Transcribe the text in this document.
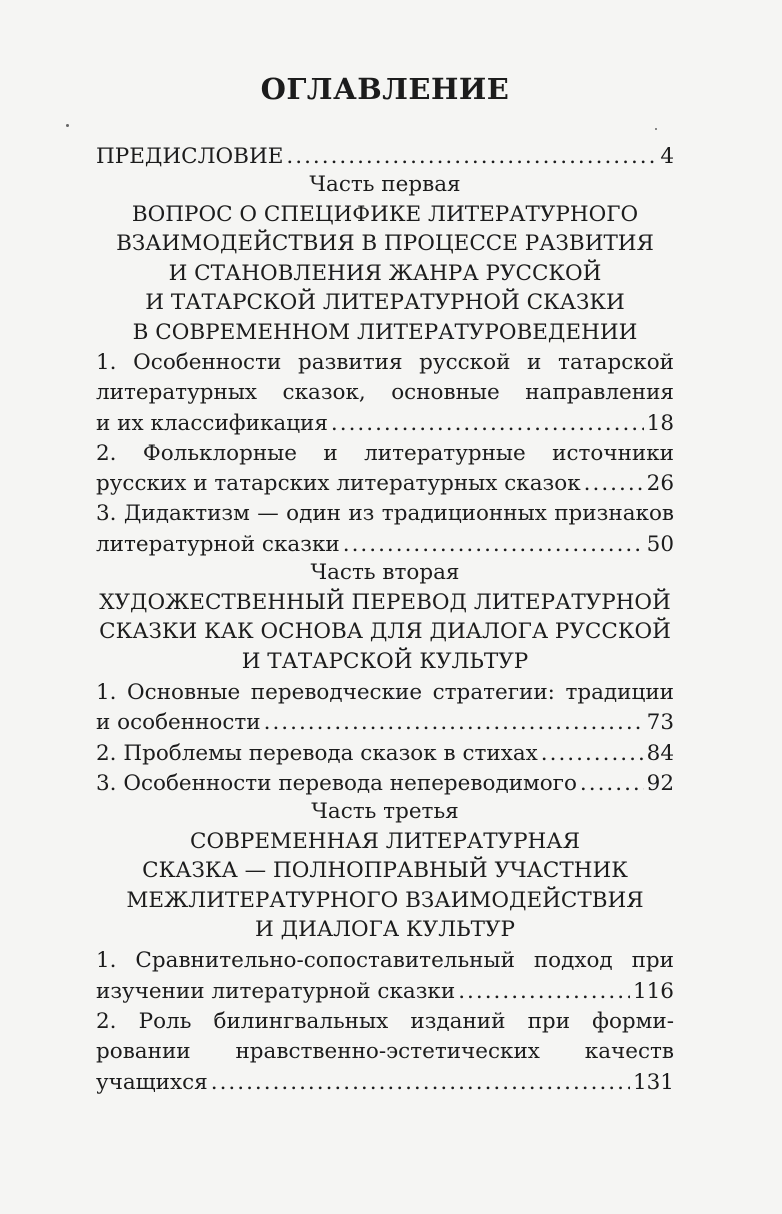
ОГЛАВЛЕНИЕ
ПРЕДИСЛОВИЕ .....	4
Часть первая
ВОПРОС О СПЕЦИФИКЕ ЛИТЕРАТУРНОГО
ВЗАИМОДЕЙСТВИЯ В ПРОЦЕССЕ РАЗВИТИЯ
И СТАНОВЛЕНИЯ ЖАНРА РУССКОЙ
И ТАТАРСКОЙ ЛИТЕРАТУРНОЙ СКАЗКИ
В СОВРЕМЕННОМ ЛИТЕРАТУРОВЕДЕНИИ
1. Особенности развития русской и татарской
литературных сказок, основные направления
и их классификация .....	18
2. Фольклорные и литературные источники
русских и татарских литературных сказок .....	26
3. Дидактизм — один из традиционных признаков
литературной сказки .....	50
Часть вторая
ХУДОЖЕСТВЕННЫЙ ПЕРЕВОД ЛИТЕРАТУРНОЙ
СКАЗКИ КАК ОСНОВА ДЛЯ ДИАЛОГА РУССКОЙ
И ТАТАРСКОЙ КУЛЬТУР
1. Основные переводческие стратегии: традиции
и особенности .....	73
2. Проблемы перевода сказок в стихах .....	84
3. Особенности перевода непереводимого .....	92
Часть третья
СОВРЕМЕННАЯ ЛИТЕРАТУРНАЯ
СКАЗКА — ПОЛНОПРАВНЫЙ УЧАСТНИК
МЕЖЛИТЕРАТУРНОГО ВЗАИМОДЕЙСТВИЯ
И ДИАЛОГА КУЛЬТУР
1. Сравнительно-сопоставительный подход при
изучении литературной сказки .....	116
2. Роль билингвальных изданий при форми-
ровании нравственно-эстетических качеств
учащихся .....	131
